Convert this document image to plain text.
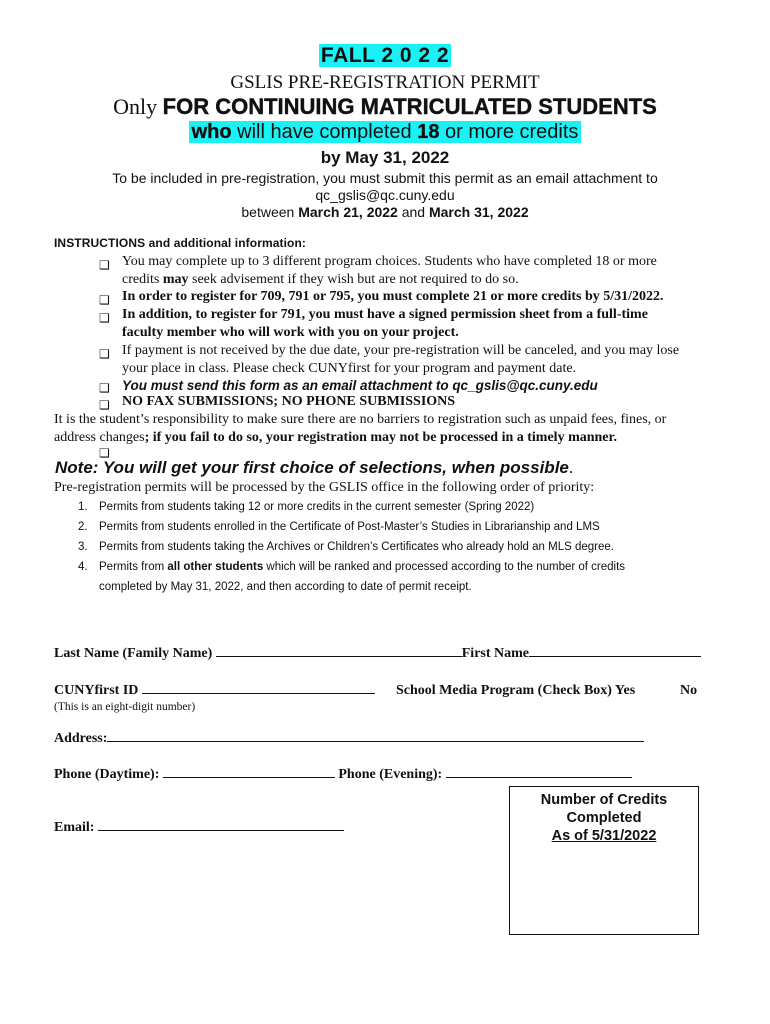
FALL 2 0 2 2
GSLIS PRE-REGISTRATION PERMIT
Only FOR CONTINUING MATRICULATED STUDENTS
who will have completed 18 or more credits
by May 31, 2022
To be included in pre-registration, you must submit this permit as an email attachment to
qc_gslis@qc.cuny.edu
between March 21, 2022 and March 31, 2022
INSTRUCTIONS and additional information:
❑ You may complete up to 3 different program choices. Students who have completed 18 or more
credits may seek advisement if they wish but are not required to do so.
❑ In order to register for 709, 791 or 795, you must complete 21 or more credits by 5/31/2022.
❑ In addition, to register for 791, you must have a signed permission sheet from a full-time
faculty member who will work with you on your project.
❑ If payment is not received by the due date, your pre-registration will be canceled, and you may lose
your place in class. Please check CUNYfirst for your program and payment date.
❑ You must send this form as an email attachment to qc_gslis@qc.cuny.edu
❑ NO FAX SUBMISSIONS; NO PHONE SUBMISSIONS
It is the student’s responsibility to make sure there are no barriers to registration such as unpaid fees, fines, or
address changes; if you fail to do so, your registration may not be processed in a timely manner.
❑
Note: You will get your first choice of selections, when possible.
Pre-registration permits will be processed by the GSLIS office in the following order of priority:
1. Permits from students taking 12 or more credits in the current semester (Spring 2022)
2. Permits from students enrolled in the Certificate of Post-Master’s Studies in Librarianship and LMS
3. Permits from students taking the Archives or Children’s Certificates who already hold an MLS degree.
4. Permits from all other students which will be ranked and processed according to the number of credits
completed by May 31, 2022, and then according to date of permit receipt.
Last Name (Family Name)	First Name
CUNYfirst ID
(This is an eight-digit number)
School Media Program (Check Box) Yes	No
Address:
Phone (Daytime):	Phone (Evening):
Email:
Number of Credits
Completed
As of 5/31/2022
